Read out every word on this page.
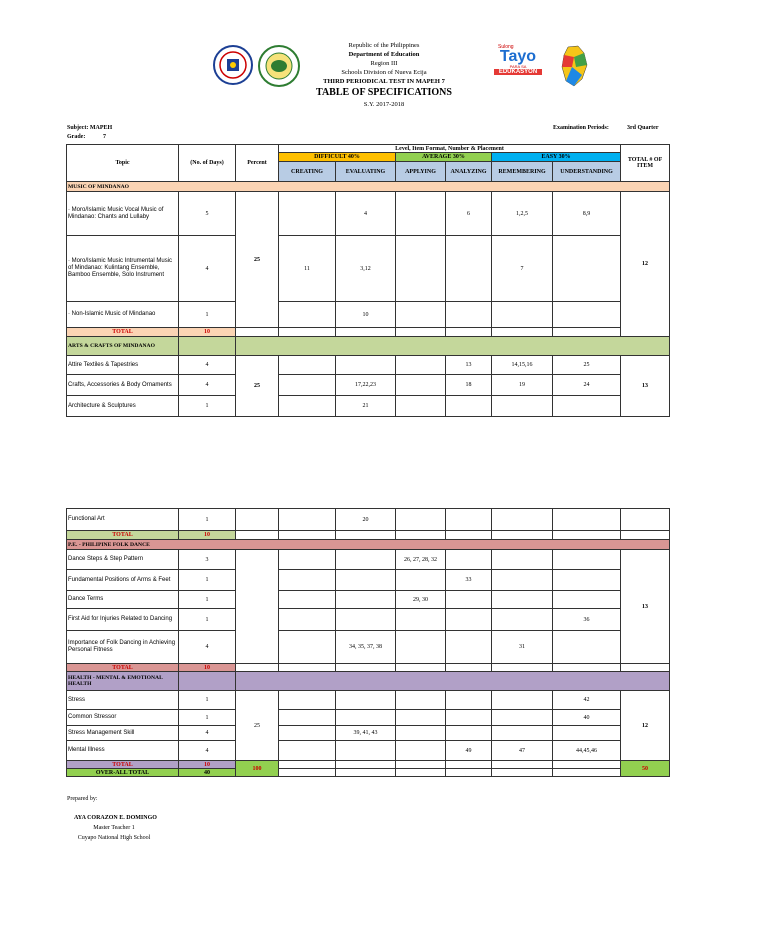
Republic of the Philippines
Department of Education
Region III
Schools Division of Nueva Ecija
THIRD PERIODICAL TEST IN MAPEH 7
TABLE OF SPECIFICATIONS
S.Y. 2017-2018
Sulong
Tayo
PARA SA
EDUKASYON
Subject: MAPEH
Grade:	7
Examination Periods:	3rd Quarter
Topic	(No. of Days)	Percent	Level, Item Format, Number & Placement						TOTAL # OF ITEM
			DIFFICULT 40%		AVERAGE 30%		EASY 30%		
			CREATING	EVALUATING	APPLYING	ANALYZING	REMEMBERING	UNDERSTANDING	
MUSIC OF MINDANAO									
· Moro/Islamic Music Vocal Music of Mindanao: Chants and Lullaby	5	25		4		6	1,2,5	8,9	12
· Moro/Islamic Music Intrumental Music of Mindanao: Kulintang Ensemble, Bamboo Ensemble, Solo Instrument	4		11	3,12			7		
· Non-Islamic Music of Mindanao	1			10					
TOTAL	10								
ARTS & CRAFTS OF MINDANAO									
Attire Textiles & Tapestries	4	25				13	14,15,16	25	13
Crafts, Accessories & Body Ornaments	4			17,22,23		18	19	24	
Architecture & Sculptures	1			21					
Functional Art	1			20					
TOTAL	10								
P.E. - PHILIPINE FOLK DANCE									
Dance Steps & Step Pattern	3				26, 27, 28, 32				13
Fundamental Positions of Arms & Feet	1					33			
Dance Terms	1				29, 30				
First Aid for Injuries Related to Dancing	1							36	
Importance of Folk Dancing in Achieving Personal Fitness	4			34, 35, 37, 38			31		
TOTAL	10								
HEALTH - MENTAL & EMOTIONAL HEALTH									
Stress	1	25						42	12
Common Stressor	1							40	
Stress Management Skill	4			39, 41, 43					
Mental Illness	4					49	47	44,45,46	
TOTAL	10	100							50
OVER-ALL TOTAL	40								
Prepared by:
AYA CORAZON E. DOMINGO
Master Teacher 1
Cuyapo National High School
